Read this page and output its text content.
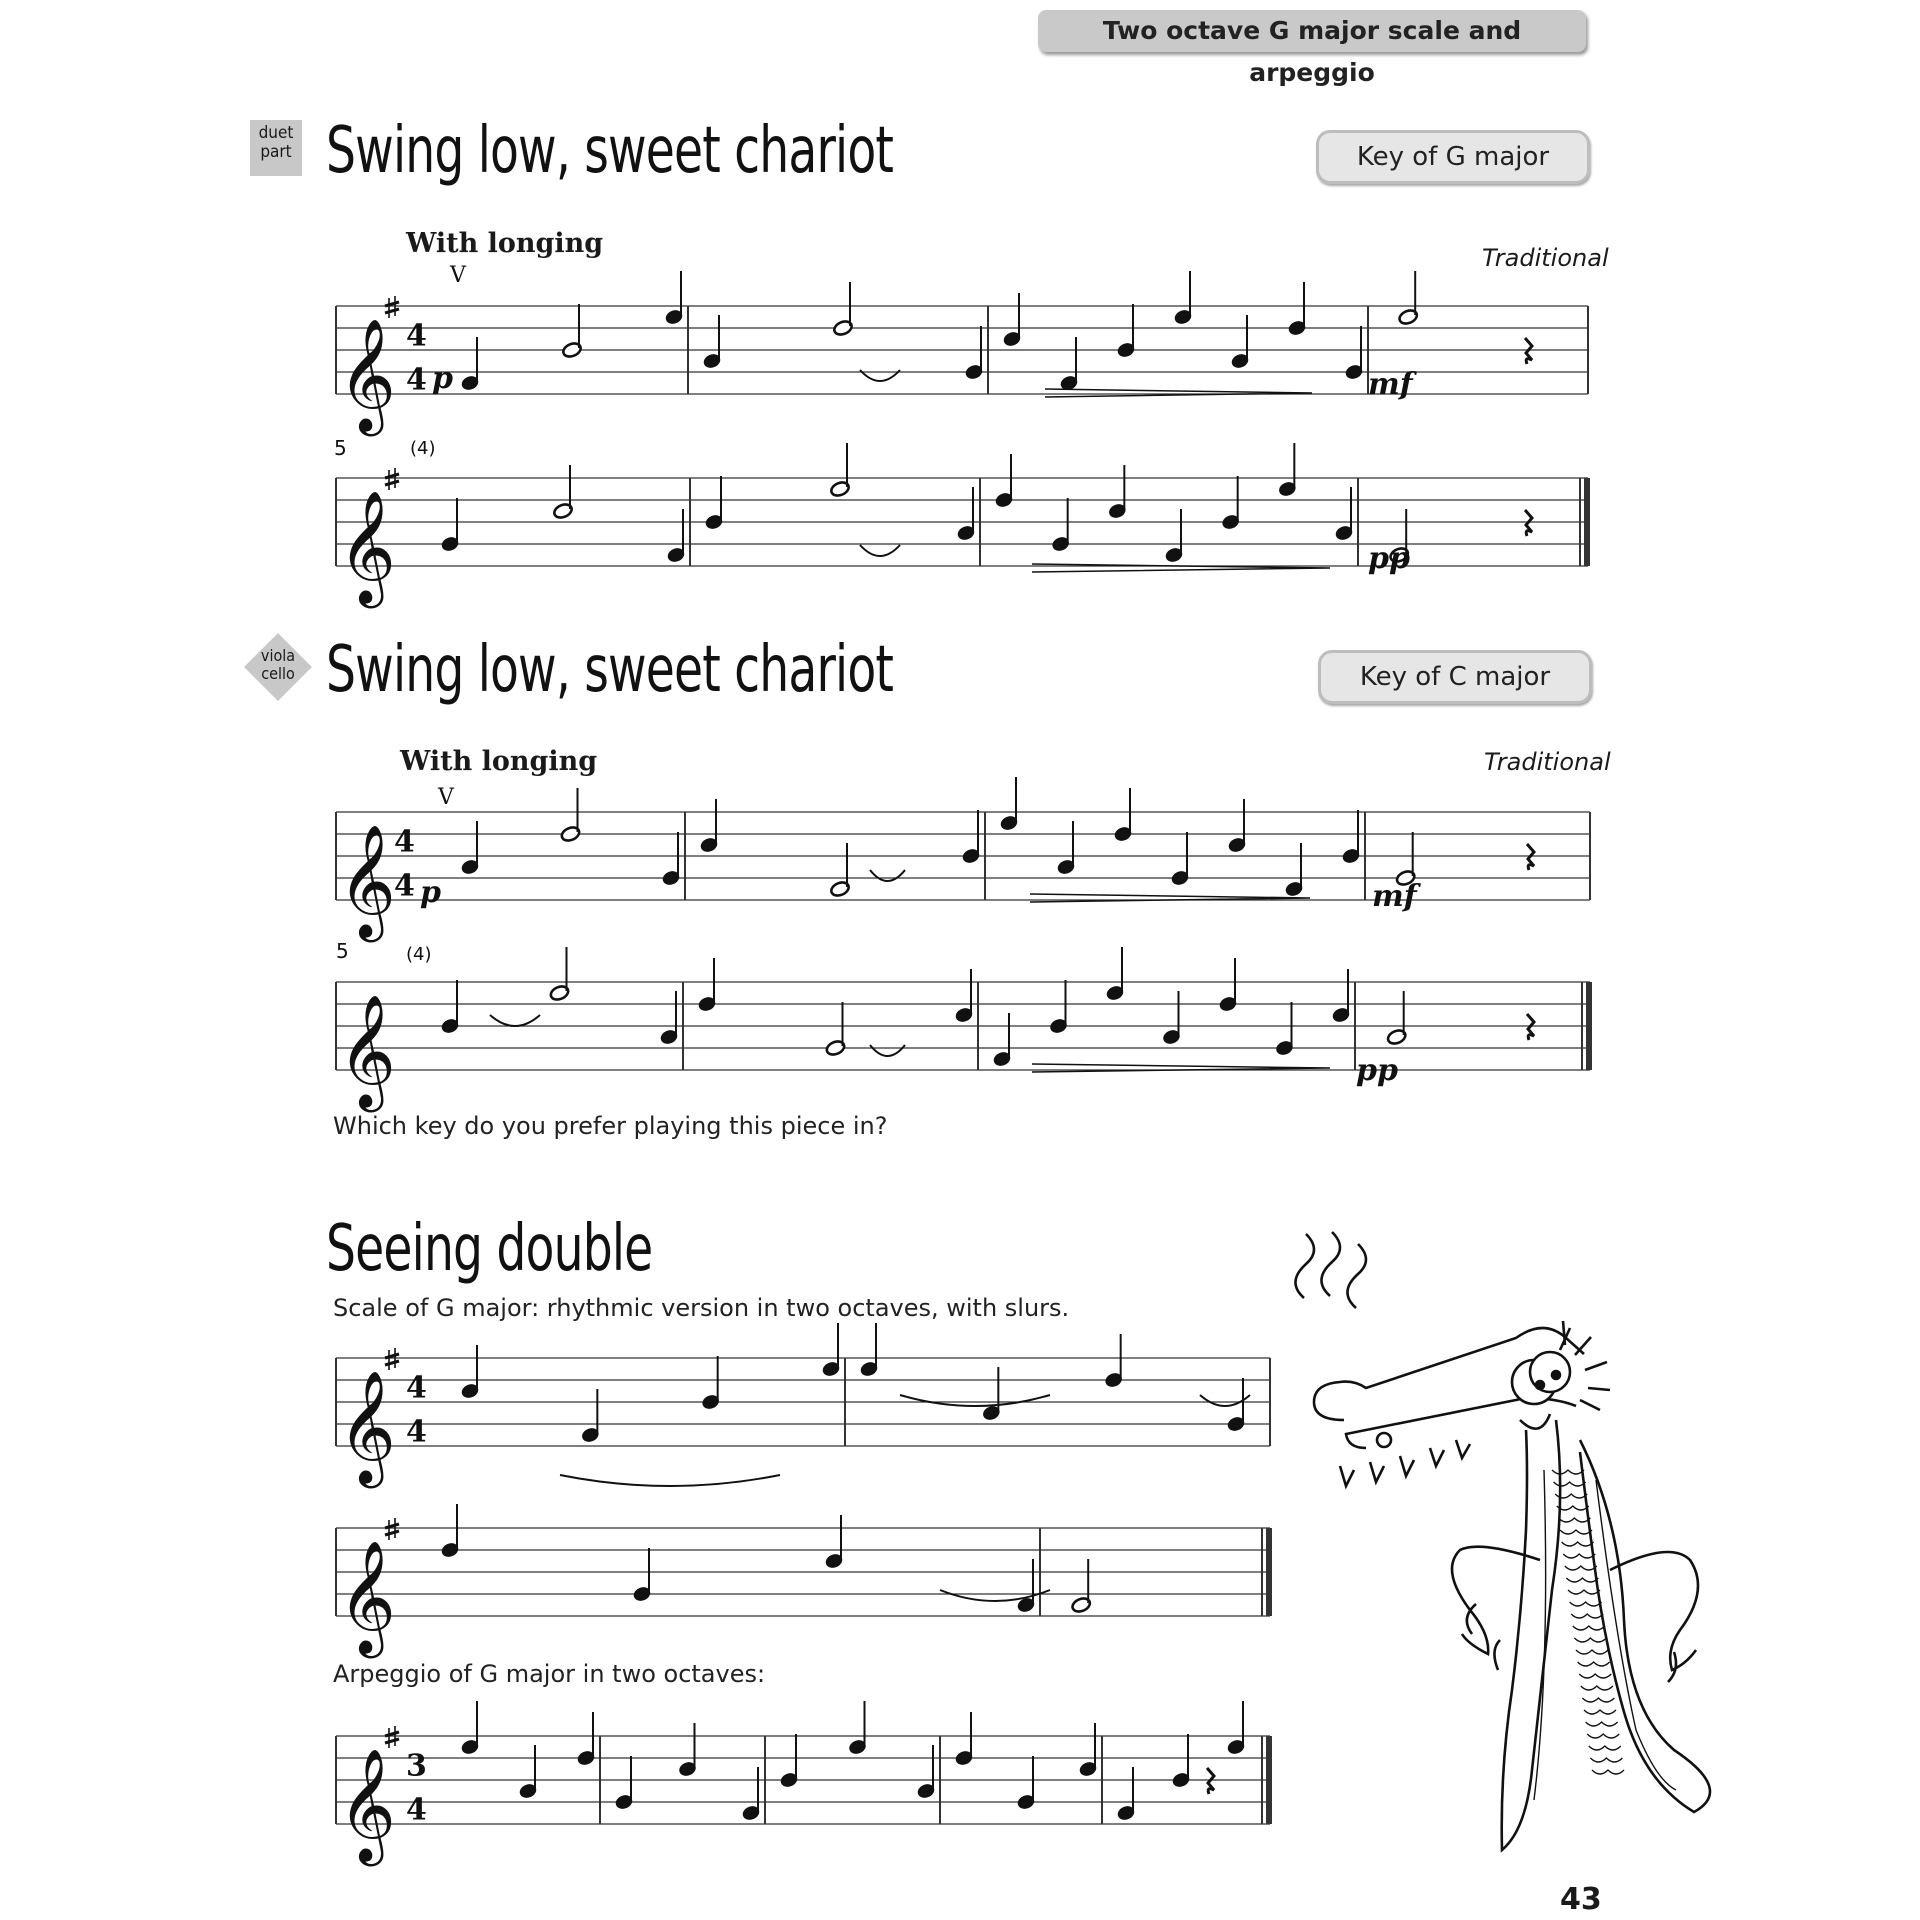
Two octave G major scale and arpeggio
duet
part Swing low, sweet chariot	Key of G major
With longing	Traditional
viola
cello Swing low, sweet chariot	Key of C major
With longing	Traditional
Which key do you prefer playing this piece in?
Seeing double
Scale of G major: rhythmic version in two octaves, with slurs.
Arpeggio of G major in two octaves:
43
p	mf
pp
p	mf
pp
V
V
5
5
(4)
(4)
𝄞 4
4
𝄞
𝄞
4
4
𝄞
𝄞 4
4
𝄞
𝄞 3
4
